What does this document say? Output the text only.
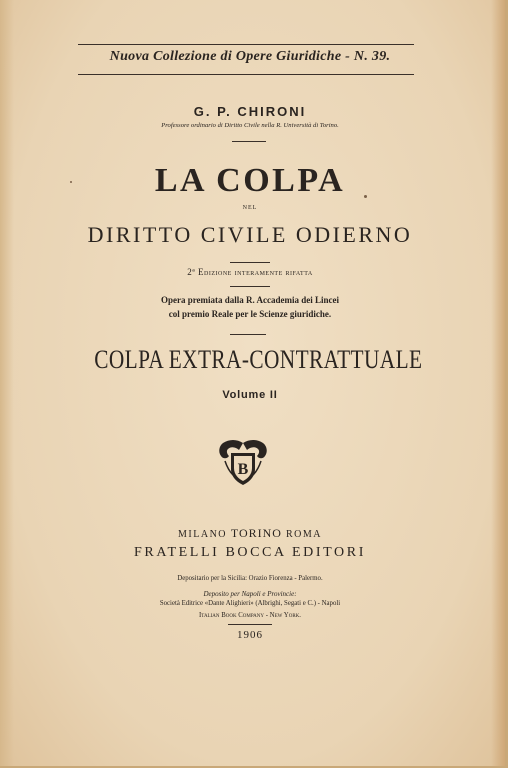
Nuova Collezione di Opere Giuridiche - N. 39.
G. P. CHIRONI
Professore ordinario di Diritto Civile nella R. Università di Torino.
LA COLPA
NEL
DIRITTO CIVILE ODIERNO
2ª Edizione interamente rifatta
Opera premiata dalla R. Accademia dei Lincei
col premio Reale per le Scienze giuridiche.
COLPA EXTRA-CONTRATTUALE
Volume II
B
MILANO TORINO ROMA
FRATELLI BOCCA EDITORI
Depositario per la Sicilia: Orazio Fiorenza - Palermo.
Deposito per Napoli e Provincie:
Società Editrice «Dante Alighieri» (Albrighi, Segati e C.) - Napoli
Italian Book Company - New York.
1906
